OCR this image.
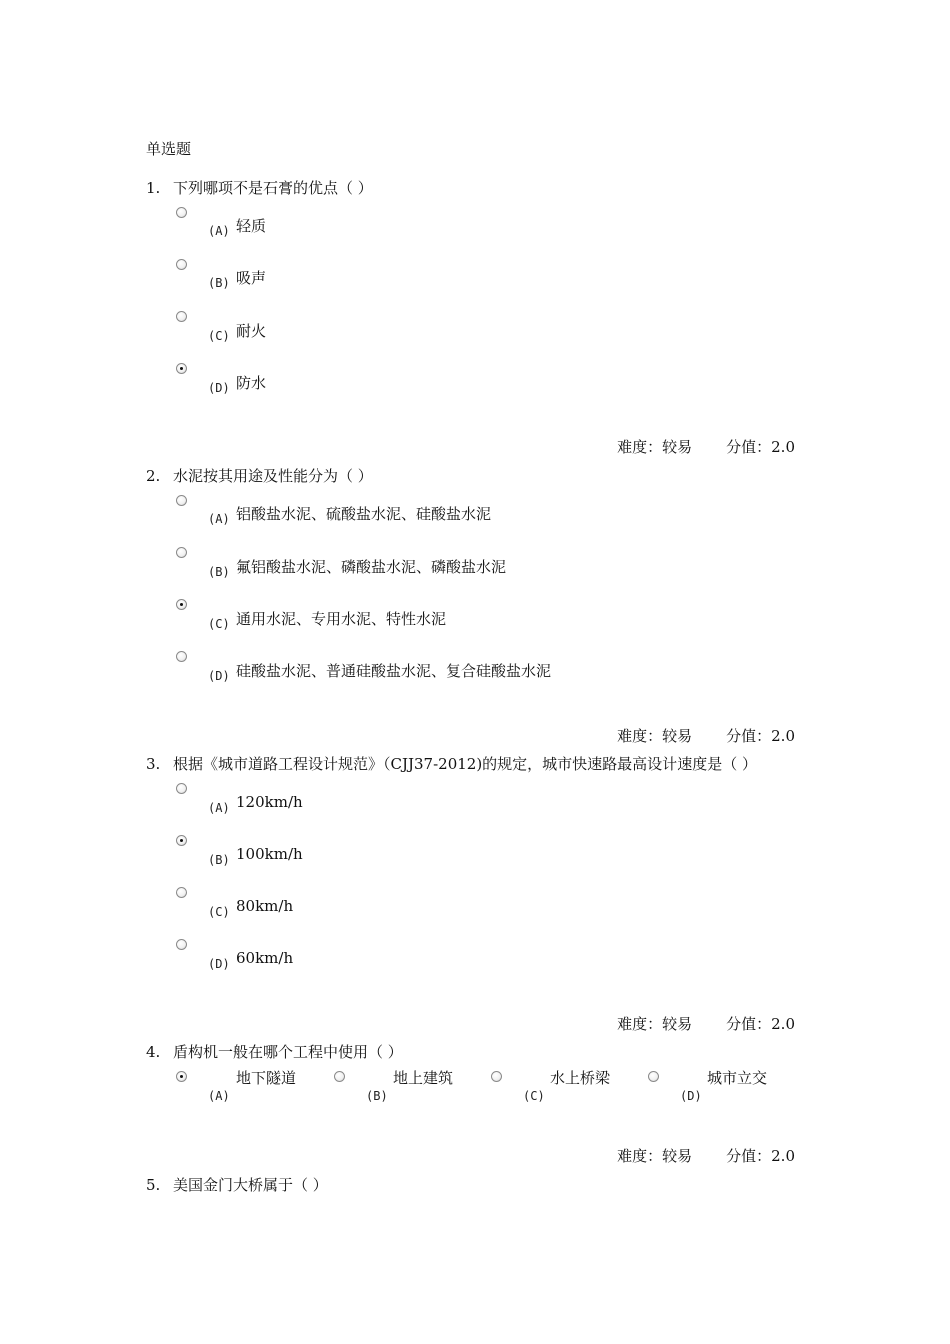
单选题
1. 下列哪项不是石膏的优点（ ）
(A) 轻质
(B) 吸声
(C) 耐火
(D) 防水
难度：较易 分值：2.0
2. 水泥按其用途及性能分为（ ）
(A) 铝酸盐水泥、硫酸盐水泥、硅酸盐水泥
(B) 氟铝酸盐水泥、磷酸盐水泥、磷酸盐水泥
(C) 通用水泥、专用水泥、特性水泥
(D) 硅酸盐水泥、普通硅酸盐水泥、复合硅酸盐水泥
难度：较易 分值：2.0
3. 根据《城市道路工程设计规范》（CJJ37-2012)的规定，城市快速路最高设计速度是（ ）
(A) 120km/h
(B) 100km/h
(C) 80km/h
(D) 60km/h
难度：较易 分值：2.0
4. 盾构机一般在哪个工程中使用（ ）
(A)
地下隧道
(B)
地上建筑
(C)
水上桥梁
(D)
城市立交
难度：较易 分值：2.0
5. 美国金门大桥属于（ ）
